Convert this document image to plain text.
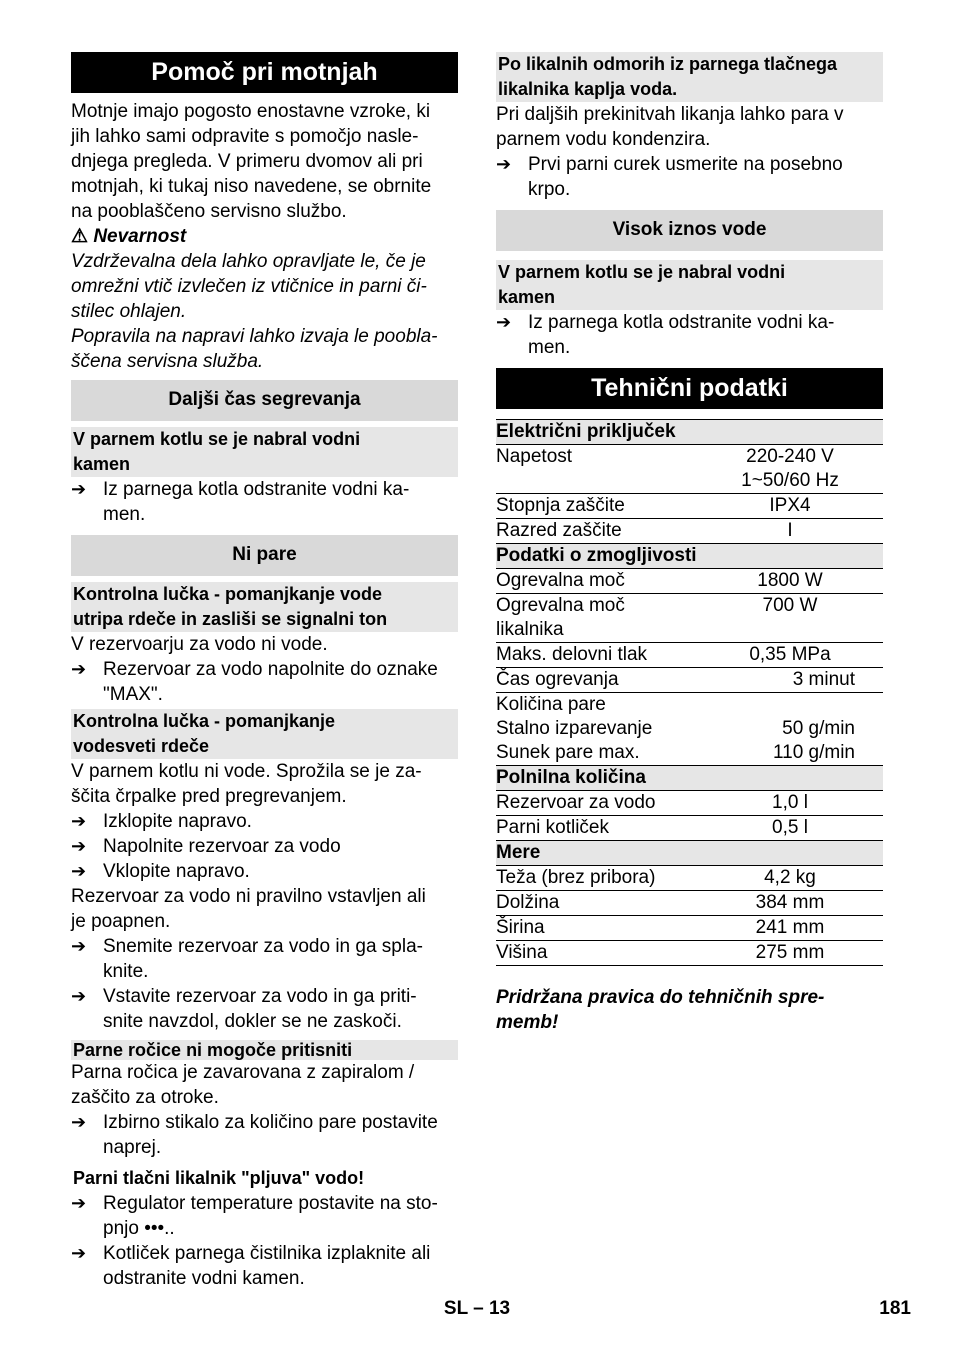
Pomoč pri motnjah

Motnje imajo pogosto enostavne vzroke, ki
jih lahko sami odpravite s pomočjo nasle-
dnjega pregleda. V primeru dvomov ali pri
motnjah, ki tukaj niso navedene, se obrnite
na pooblaščeno servisno službo.

⚠ Nevarnost

Vzdrževalna dela lahko opravljate le, če je
omrežni vtič izvlečen iz vtičnice in parni či-
stilec ohlajen.
Popravila na napravi lahko izvaja le poobla-
ščena servisna služba.

Daljši čas segrevanja
V parnem kotlu se je nabral vodni
kamen
➔ Iz parnega kotla odstranite vodni ka-
men.
Ni pare
Kontrolna lučka - pomanjkanje vode
utripa rdeče in zasliši se signalni ton

V rezervoarju za vodo ni vode.

➔ Rezervoar za vodo napolnite do oznake
"MAX".
Kontrolna lučka - pomanjkanje
vodesveti rdeče

V parnem kotlu ni vode. Sprožila se je za-
ščita črpalke pred pregrevanjem.

➔ Izklopite napravo.
➔ Napolnite rezervoar za vodo
➔ Vklopite napravo.

Rezervoar za vodo ni pravilno vstavljen ali
je poapnen.

➔ Snemite rezervoar za vodo in ga spla-
knite.
➔ Vstavite rezervoar za vodo in ga priti-
snite navzdol, dokler se ne zaskoči.
Parne ročice ni mogoče pritisniti

Parna ročica je zavarovana z zapiralom /
zaščito za otroke.

➔ Izbirno stikalo za količino pare postavite
naprej.
Parni tlačni likalnik "pljuva" vodo!
➔ Regulator temperature postavite na sto-
pnjo •••..
➔ Kotliček parnega čistilnika izplaknite ali
odstranite vodni kamen.
Po likalnih odmorih iz parnega tlačnega
likalnika kaplja voda.

Pri daljših prekinitvah likanja lahko para v
parnem vodu kondenzira.

➔ Prvi parni curek usmerite na posebno
krpo.
Visok iznos vode
V parnem kotlu se je nabral vodni
kamen
➔ Iz parnega kotla odstranite vodni ka-
men.
Tehnični podatki
Električni priključek	
Napetost	220-240 V
	1~50/60 Hz
Stopnja zaščite	IPX4
Razred zaščite	I
Podatki o zmogljivosti	
Ogrevalna moč	1800 W
Ogrevalna moč likalnika	700 W
Maks. delovni tlak	0,35 MPa
Čas ogrevanja	3 minut
Količina pare	
Stalno izparevanje	50 g/min
Sunek pare max.	110 g/min
Polnilna količina	
Rezervoar za vodo	1,0 l
Parni kotliček	0,5 l
Mere	
Teža (brez pribora)	4,2 kg
Dolžina	384 mm
Širina	241 mm
Višina	275 mm

Pridržana pravica do tehničnih spre-
memb!

SL – 13	181
